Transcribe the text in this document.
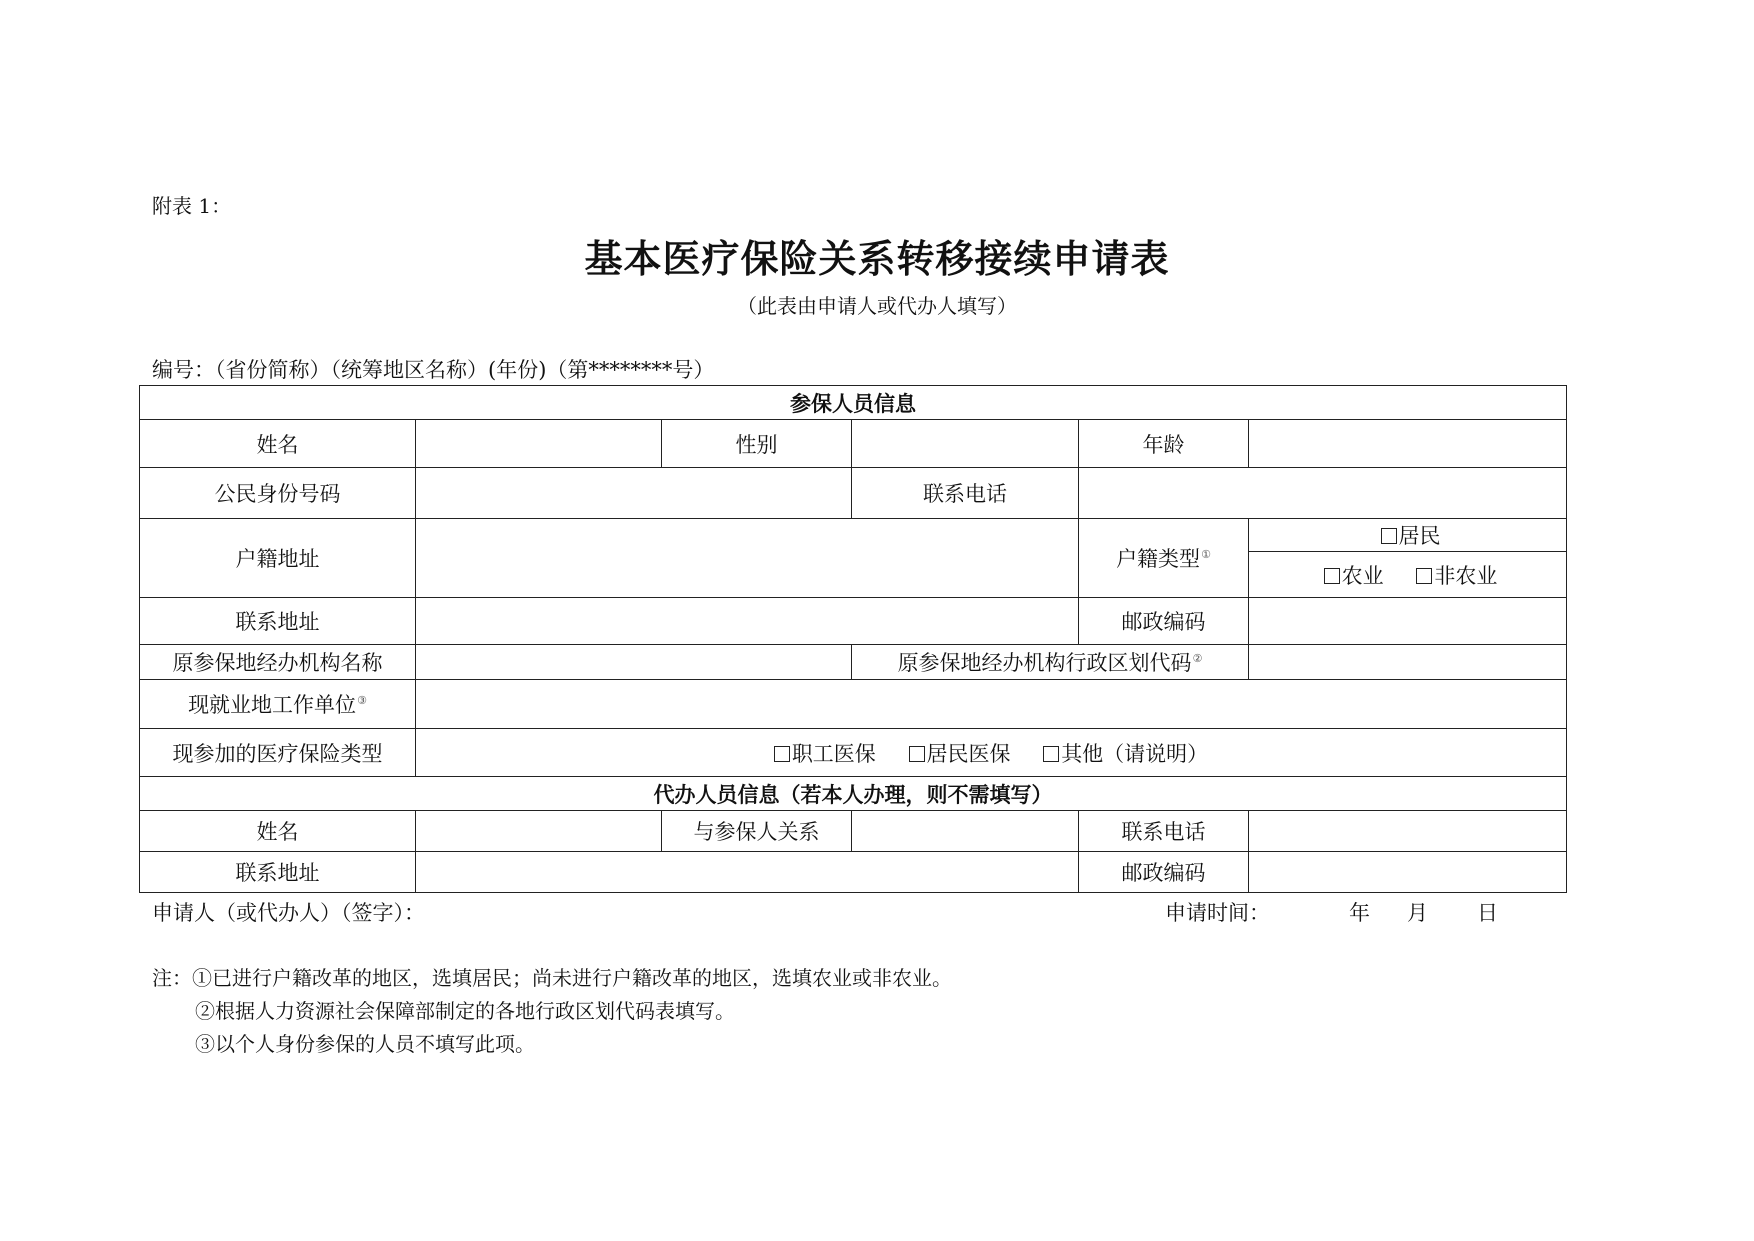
附表 1：
基本医疗保险关系转移接续申请表
（此表由申请人或代办人填写）
编号：（省份简称）（统筹地区名称）(年份)（第********号）
参保人员信息					
姓名		性别		年龄	
公民身份号码			联系电话		
户籍地址				户籍类型①	居民
					农业 非农业
联系地址				邮政编码	
原参保地经办机构名称			原参保地经办机构行政区划代码②	
现就业地工作单位③	
现参加的医疗保险类型	职工医保 居民医保 其他（请说明）				
代办人员信息（若本人办理，则不需填写）					
姓名		与参保人关系		联系电话	
联系地址				邮政编码	
申请人（或代办人）（签字）：	申请时间：	年 月 日
注：①已进行户籍改革的地区，选填居民；尚未进行户籍改革的地区，选填农业或非农业。
②根据人力资源社会保障部制定的各地行政区划代码表填写。
③以个人身份参保的人员不填写此项。
